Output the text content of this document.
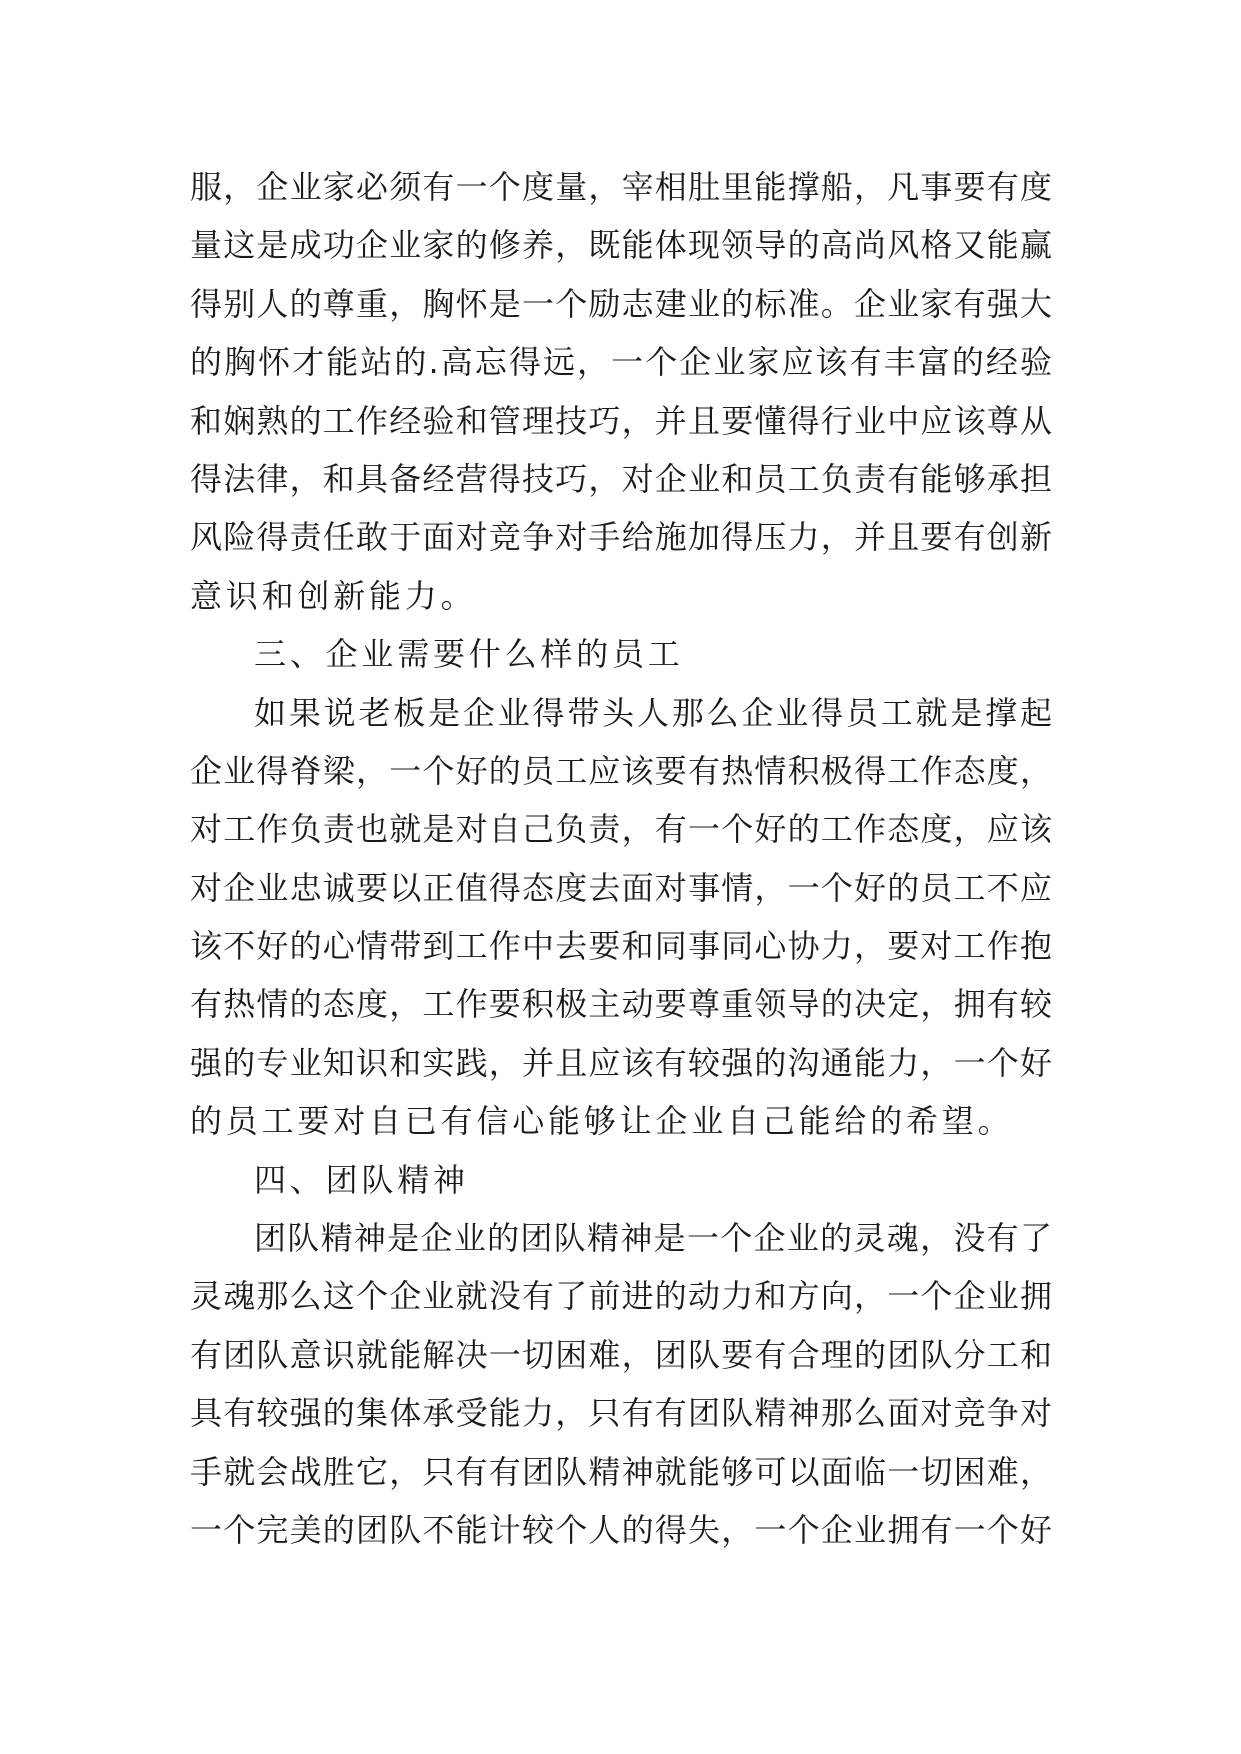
服，企业家必须有一个度量，宰相肚里能撑船，凡事要有度
量这是成功企业家的修养，既能体现领导的高尚风格又能赢
得别人的尊重，胸怀是一个励志建业的标准。企业家有强大
的胸怀才能站的.高忘得远，一个企业家应该有丰富的经验
和娴熟的工作经验和管理技巧，并且要懂得行业中应该尊从
得法律，和具备经营得技巧，对企业和员工负责有能够承担
风险得责任敢于面对竞争对手给施加得压力，并且要有创新
意识和创新能力。
三、企业需要什么样的员工
如果说老板是企业得带头人那么企业得员工就是撑起
企业得脊梁，一个好的员工应该要有热情积极得工作态度，
对工作负责也就是对自己负责，有一个好的工作态度，应该
对企业忠诚要以正值得态度去面对事情，一个好的员工不应
该不好的心情带到工作中去要和同事同心协力，要对工作抱
有热情的态度，工作要积极主动要尊重领导的决定，拥有较
强的专业知识和实践，并且应该有较强的沟通能力，一个好
的员工要对自已有信心能够让企业自己能给的希望。
四、团队精神
团队精神是企业的团队精神是一个企业的灵魂，没有了
灵魂那么这个企业就没有了前进的动力和方向，一个企业拥
有团队意识就能解决一切困难，团队要有合理的团队分工和
具有较强的集体承受能力，只有有团队精神那么面对竞争对
手就会战胜它，只有有团队精神就能够可以面临一切困难，
一个完美的团队不能计较个人的得失，一个企业拥有一个好
